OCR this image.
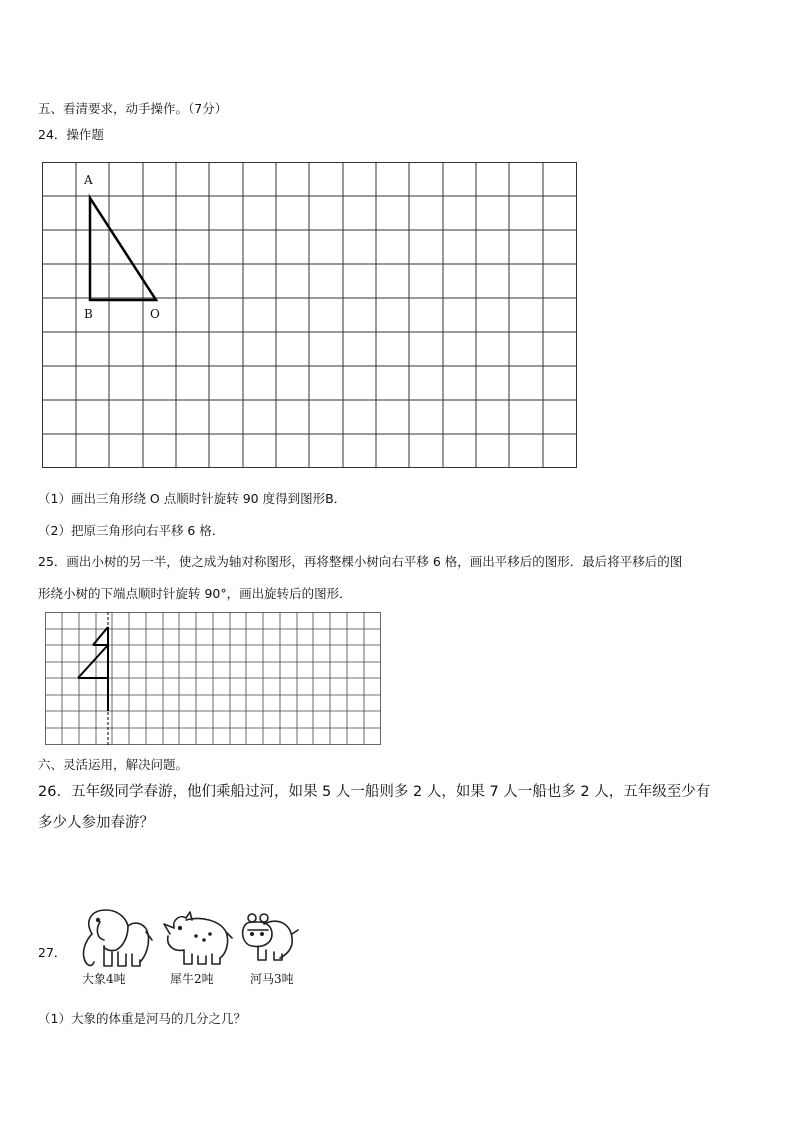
五、看清要求，动手操作。（7分）
24．操作题
A
B	O
（1）画出三角形绕 O 点顺时针旋转 90 度得到图形B．
（2）把原三角形向右平移 6 格．
25．画出小树的另一半，使之成为轴对称图形，再将整棵小树向右平移 6 格，画出平移后的图形．最后将平移后的图
形绕小树的下端点顺时针旋转 90°，画出旋转后的图形．
六、灵活运用，解决问题。
26．五年级同学春游，他们乘船过河，如果 5 人一船则多 2 人，如果 7 人一船也多 2 人，五年级至少有
多少人参加春游？
27．
大象4吨	犀牛2吨	河马3吨
（1）大象的体重是河马的几分之几？
